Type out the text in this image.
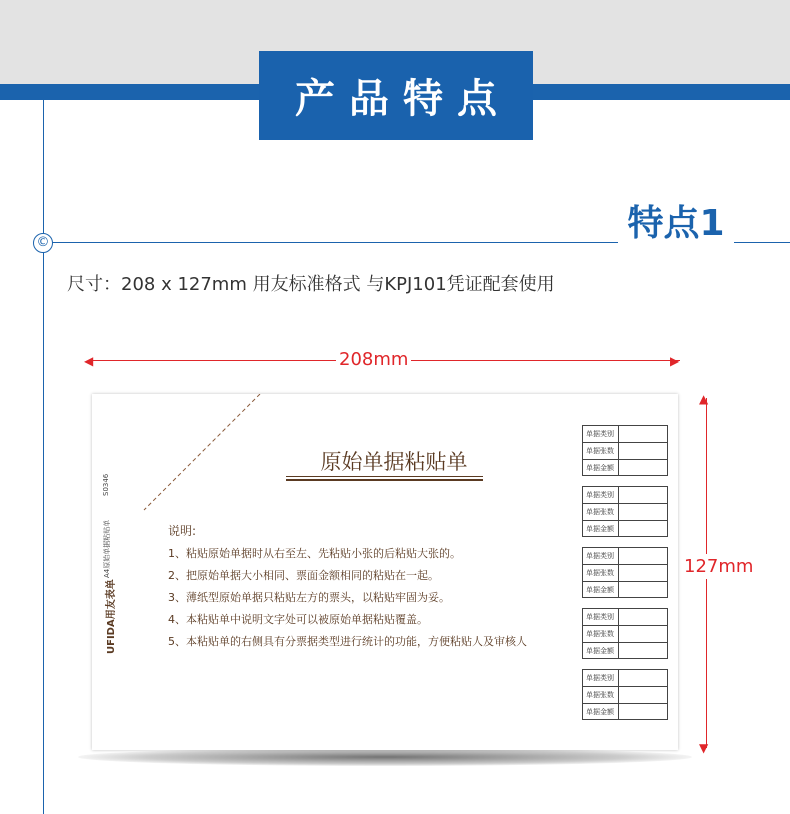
产品特点
©	特点1
尺寸：208 x 127mm 用友标准格式 与KPJ101凭证配套使用
◀	▶
208mm
▲
▼
127mm
S0346
A4原始单据粘贴单
UFIDA用友表单
原始单据粘贴单
说明:
1、粘贴原始单据时从右至左、先粘贴小张的后粘贴大张的。
2、把原始单据大小相同、票面金额相同的粘贴在一起。
3、薄纸型原始单据只粘贴左方的票头，以粘贴牢固为妥。
4、本粘贴单中说明文字处可以被原始单据粘贴覆盖。
5、本粘贴单的右侧具有分票据类型进行统计的功能，方便粘贴人及审核人
单据类别
单据张数
单据金额
单据类别
单据张数
单据金额
单据类别
单据张数
单据金额
单据类别
单据张数
单据金额
单据类别
单据张数
单据金额
